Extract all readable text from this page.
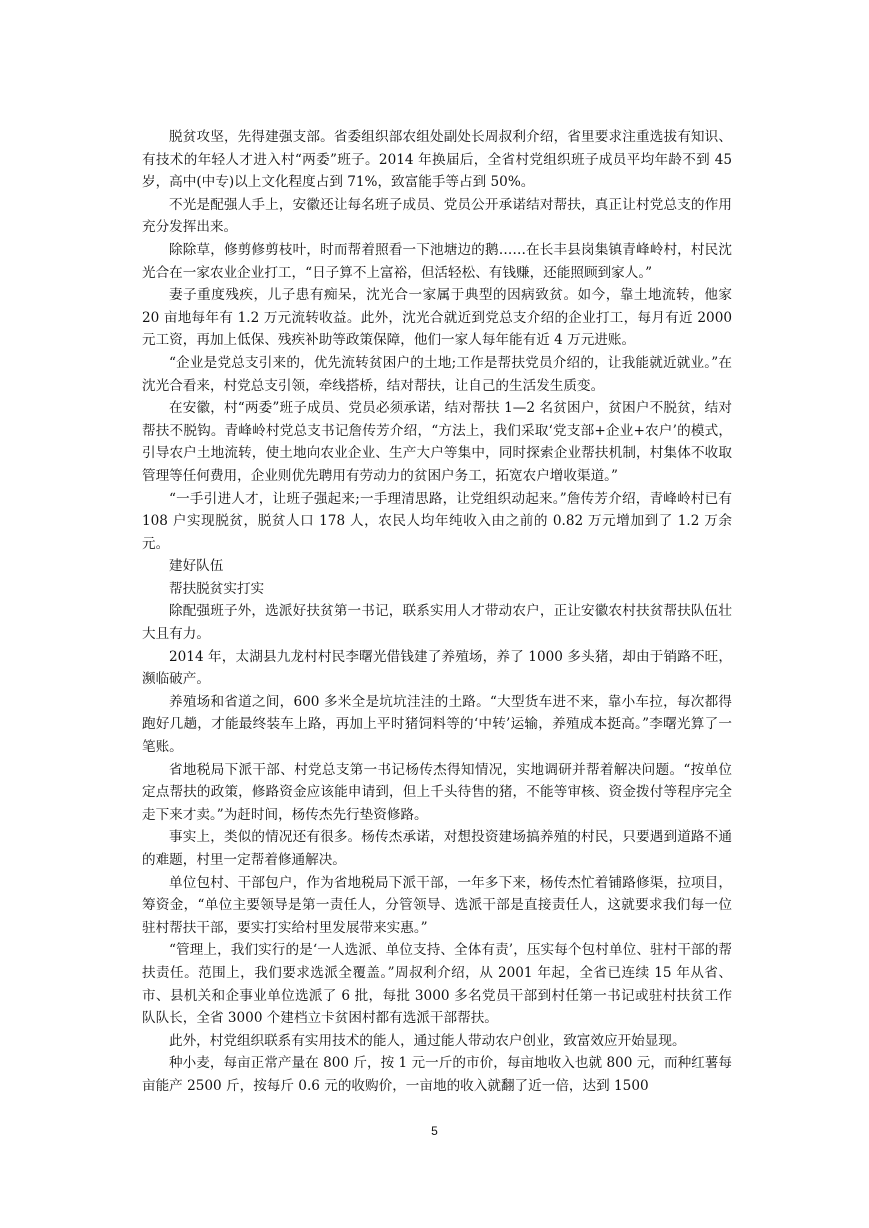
脱贫攻坚，先得建强支部。省委组织部农组处副处长周叔利介绍，省里要求注重选拔有知识、有技术的年轻人才进入村“两委”班子。2014 年换届后，全省村党组织班子成员平均年龄不到 45 岁，高中(中专)以上文化程度占到 71%，致富能手等占到 50%。

不光是配强人手上，安徽还让每名班子成员、党员公开承诺结对帮扶，真正让村党总支的作用充分发挥出来。

除除草，修剪修剪枝叶，时而帮着照看一下池塘边的鹅……在长丰县岗集镇青峰岭村，村民沈光合在一家农业企业打工，“日子算不上富裕，但活轻松、有钱赚，还能照顾到家人。”

妻子重度残疾，儿子患有痴呆，沈光合一家属于典型的因病致贫。如今，靠土地流转，他家 20 亩地每年有 1.2 万元流转收益。此外，沈光合就近到党总支介绍的企业打工，每月有近 2000 元工资，再加上低保、残疾补助等政策保障，他们一家人每年能有近 4 万元进账。

“企业是党总支引来的，优先流转贫困户的土地;工作是帮扶党员介绍的，让我能就近就业。”在沈光合看来，村党总支引领，牵线搭桥，结对帮扶，让自己的生活发生质变。

在安徽，村“两委”班子成员、党员必须承诺，结对帮扶 1—2 名贫困户，贫困户不脱贫，结对帮扶不脱钩。青峰岭村党总支书记詹传芳介绍，“方法上，我们采取‘党支部+企业+农户’的模式，引导农户土地流转，使土地向农业企业、生产大户等集中，同时探索企业帮扶机制，村集体不收取管理等任何费用，企业则优先聘用有劳动力的贫困户务工，拓宽农户增收渠道。”

“一手引进人才，让班子强起来;一手理清思路，让党组织动起来。”詹传芳介绍，青峰岭村已有 108 户实现脱贫，脱贫人口 178 人，农民人均年纯收入由之前的 0.82 万元增加到了 1.2 万余元。

建好队伍

帮扶脱贫实打实

除配强班子外，选派好扶贫第一书记，联系实用人才带动农户，正让安徽农村扶贫帮扶队伍壮大且有力。

2014 年，太湖县九龙村村民李曙光借钱建了养殖场，养了 1000 多头猪，却由于销路不旺，濒临破产。

养殖场和省道之间，600 多米全是坑坑洼洼的土路。“大型货车进不来，靠小车拉，每次都得跑好几趟，才能最终装车上路，再加上平时猪饲料等的‘中转’运输，养殖成本挺高。”李曙光算了一笔账。

省地税局下派干部、村党总支第一书记杨传杰得知情况，实地调研并帮着解决问题。“按单位定点帮扶的政策，修路资金应该能申请到，但上千头待售的猪，不能等审核、资金拨付等程序完全走下来才卖。”为赶时间，杨传杰先行垫资修路。

事实上，类似的情况还有很多。杨传杰承诺，对想投资建场搞养殖的村民，只要遇到道路不通的难题，村里一定帮着修通解决。

单位包村、干部包户，作为省地税局下派干部，一年多下来，杨传杰忙着铺路修渠，拉项目，筹资金，“单位主要领导是第一责任人，分管领导、选派干部是直接责任人，这就要求我们每一位驻村帮扶干部，要实打实给村里发展带来实惠。”

“管理上，我们实行的是‘一人选派、单位支持、全体有责’，压实每个包村单位、驻村干部的帮扶责任。范围上，我们要求选派全覆盖。”周叔利介绍，从 2001 年起，全省已连续 15 年从省、市、县机关和企事业单位选派了 6 批，每批 3000 多名党员干部到村任第一书记或驻村扶贫工作队队长，全省 3000 个建档立卡贫困村都有选派干部帮扶。

此外，村党组织联系有实用技术的能人，通过能人带动农户创业，致富效应开始显现。

种小麦，每亩正常产量在 800 斤，按 1 元一斤的市价，每亩地收入也就 800 元，而种红薯每亩能产 2500 斤，按每斤 0.6 元的收购价，一亩地的收入就翻了近一倍，达到 1500

5
